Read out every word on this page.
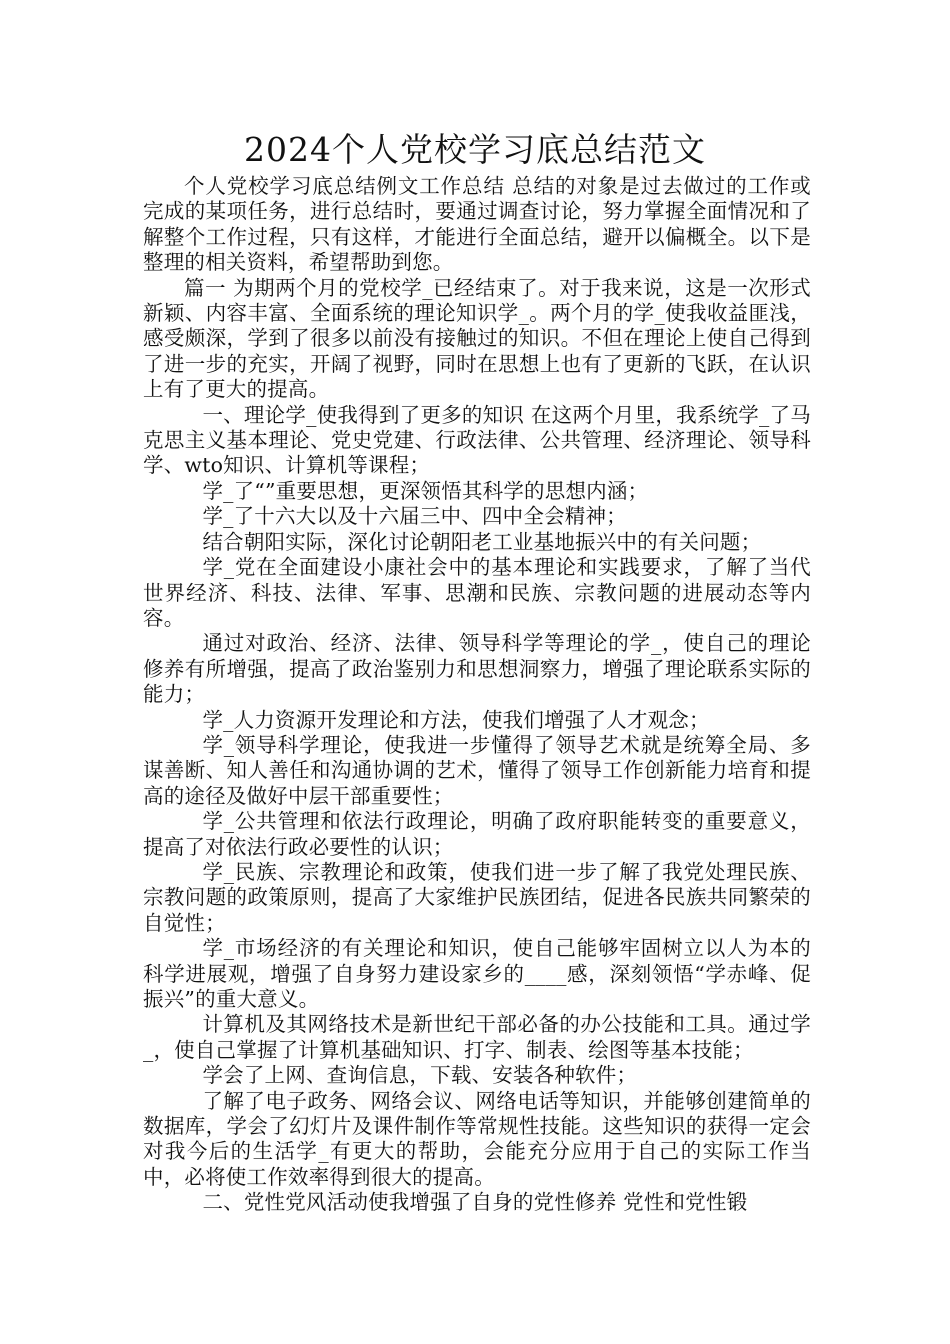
2024个人党校学习底总结范文

个人党校学习底总结例文工作总结 总结的对象是过去做过的工作或完成的某项任务，进行总结时，要通过调查讨论，努力掌握全面情况和了解整个工作过程，只有这样，才能进行全面总结，避开以偏概全。以下是整理的相关资料，希望帮助到您。

篇一 为期两个月的党校学_已经结束了。对于我来说，这是一次形式新颖、内容丰富、全面系统的理论知识学_。两个月的学_使我收益匪浅，感受颇深，学到了很多以前没有接触过的知识。不但在理论上使自己得到了进一步的充实，开阔了视野，同时在思想上也有了更新的飞跃，在认识上有了更大的提高。

一、理论学_使我得到了更多的知识 在这两个月里，我系统学_了马克思主义基本理论、党史党建、行政法律、公共管理、经济理论、领导科学、wto知识、计算机等课程；

学_了“”重要思想，更深领悟其科学的思想内涵；

学_了十六大以及十六届三中、四中全会精神；

结合朝阳实际，深化讨论朝阳老工业基地振兴中的有关问题；

学_党在全面建设小康社会中的基本理论和实践要求，了解了当代世界经济、科技、法律、军事、思潮和民族、宗教问题的进展动态等内容。

通过对政治、经济、法律、领导科学等理论的学_，使自己的理论修养有所增强，提高了政治鉴别力和思想洞察力，增强了理论联系实际的能力；

学_人力资源开发理论和方法，使我们增强了人才观念；

学_领导科学理论，使我进一步懂得了领导艺术就是统筹全局、多谋善断、知人善任和沟通协调的艺术，懂得了领导工作创新能力培育和提高的途径及做好中层干部重要性；

学_公共管理和依法行政理论，明确了政府职能转变的重要意义，提高了对依法行政必要性的认识；

学_民族、宗教理论和政策，使我们进一步了解了我党处理民族、宗教问题的政策原则，提高了大家维护民族团结，促进各民族共同繁荣的自觉性；

学_市场经济的有关理论和知识，使自己能够牢固树立以人为本的科学进展观，增强了自身努力建设家乡的____感，深刻领悟“学赤峰、促振兴”的重大意义。

计算机及其网络技术是新世纪干部必备的办公技能和工具。通过学_，使自己掌握了计算机基础知识、打字、制表、绘图等基本技能；

学会了上网、查询信息，下载、安装各种软件；

了解了电子政务、网络会议、网络电话等知识，并能够创建简单的数据库，学会了幻灯片及课件制作等常规性技能。这些知识的获得一定会对我今后的生活学_有更大的帮助，会能充分应用于自己的实际工作当中，必将使工作效率得到很大的提高。

二、党性党风活动使我增强了自身的党性修养 党性和党性锻
